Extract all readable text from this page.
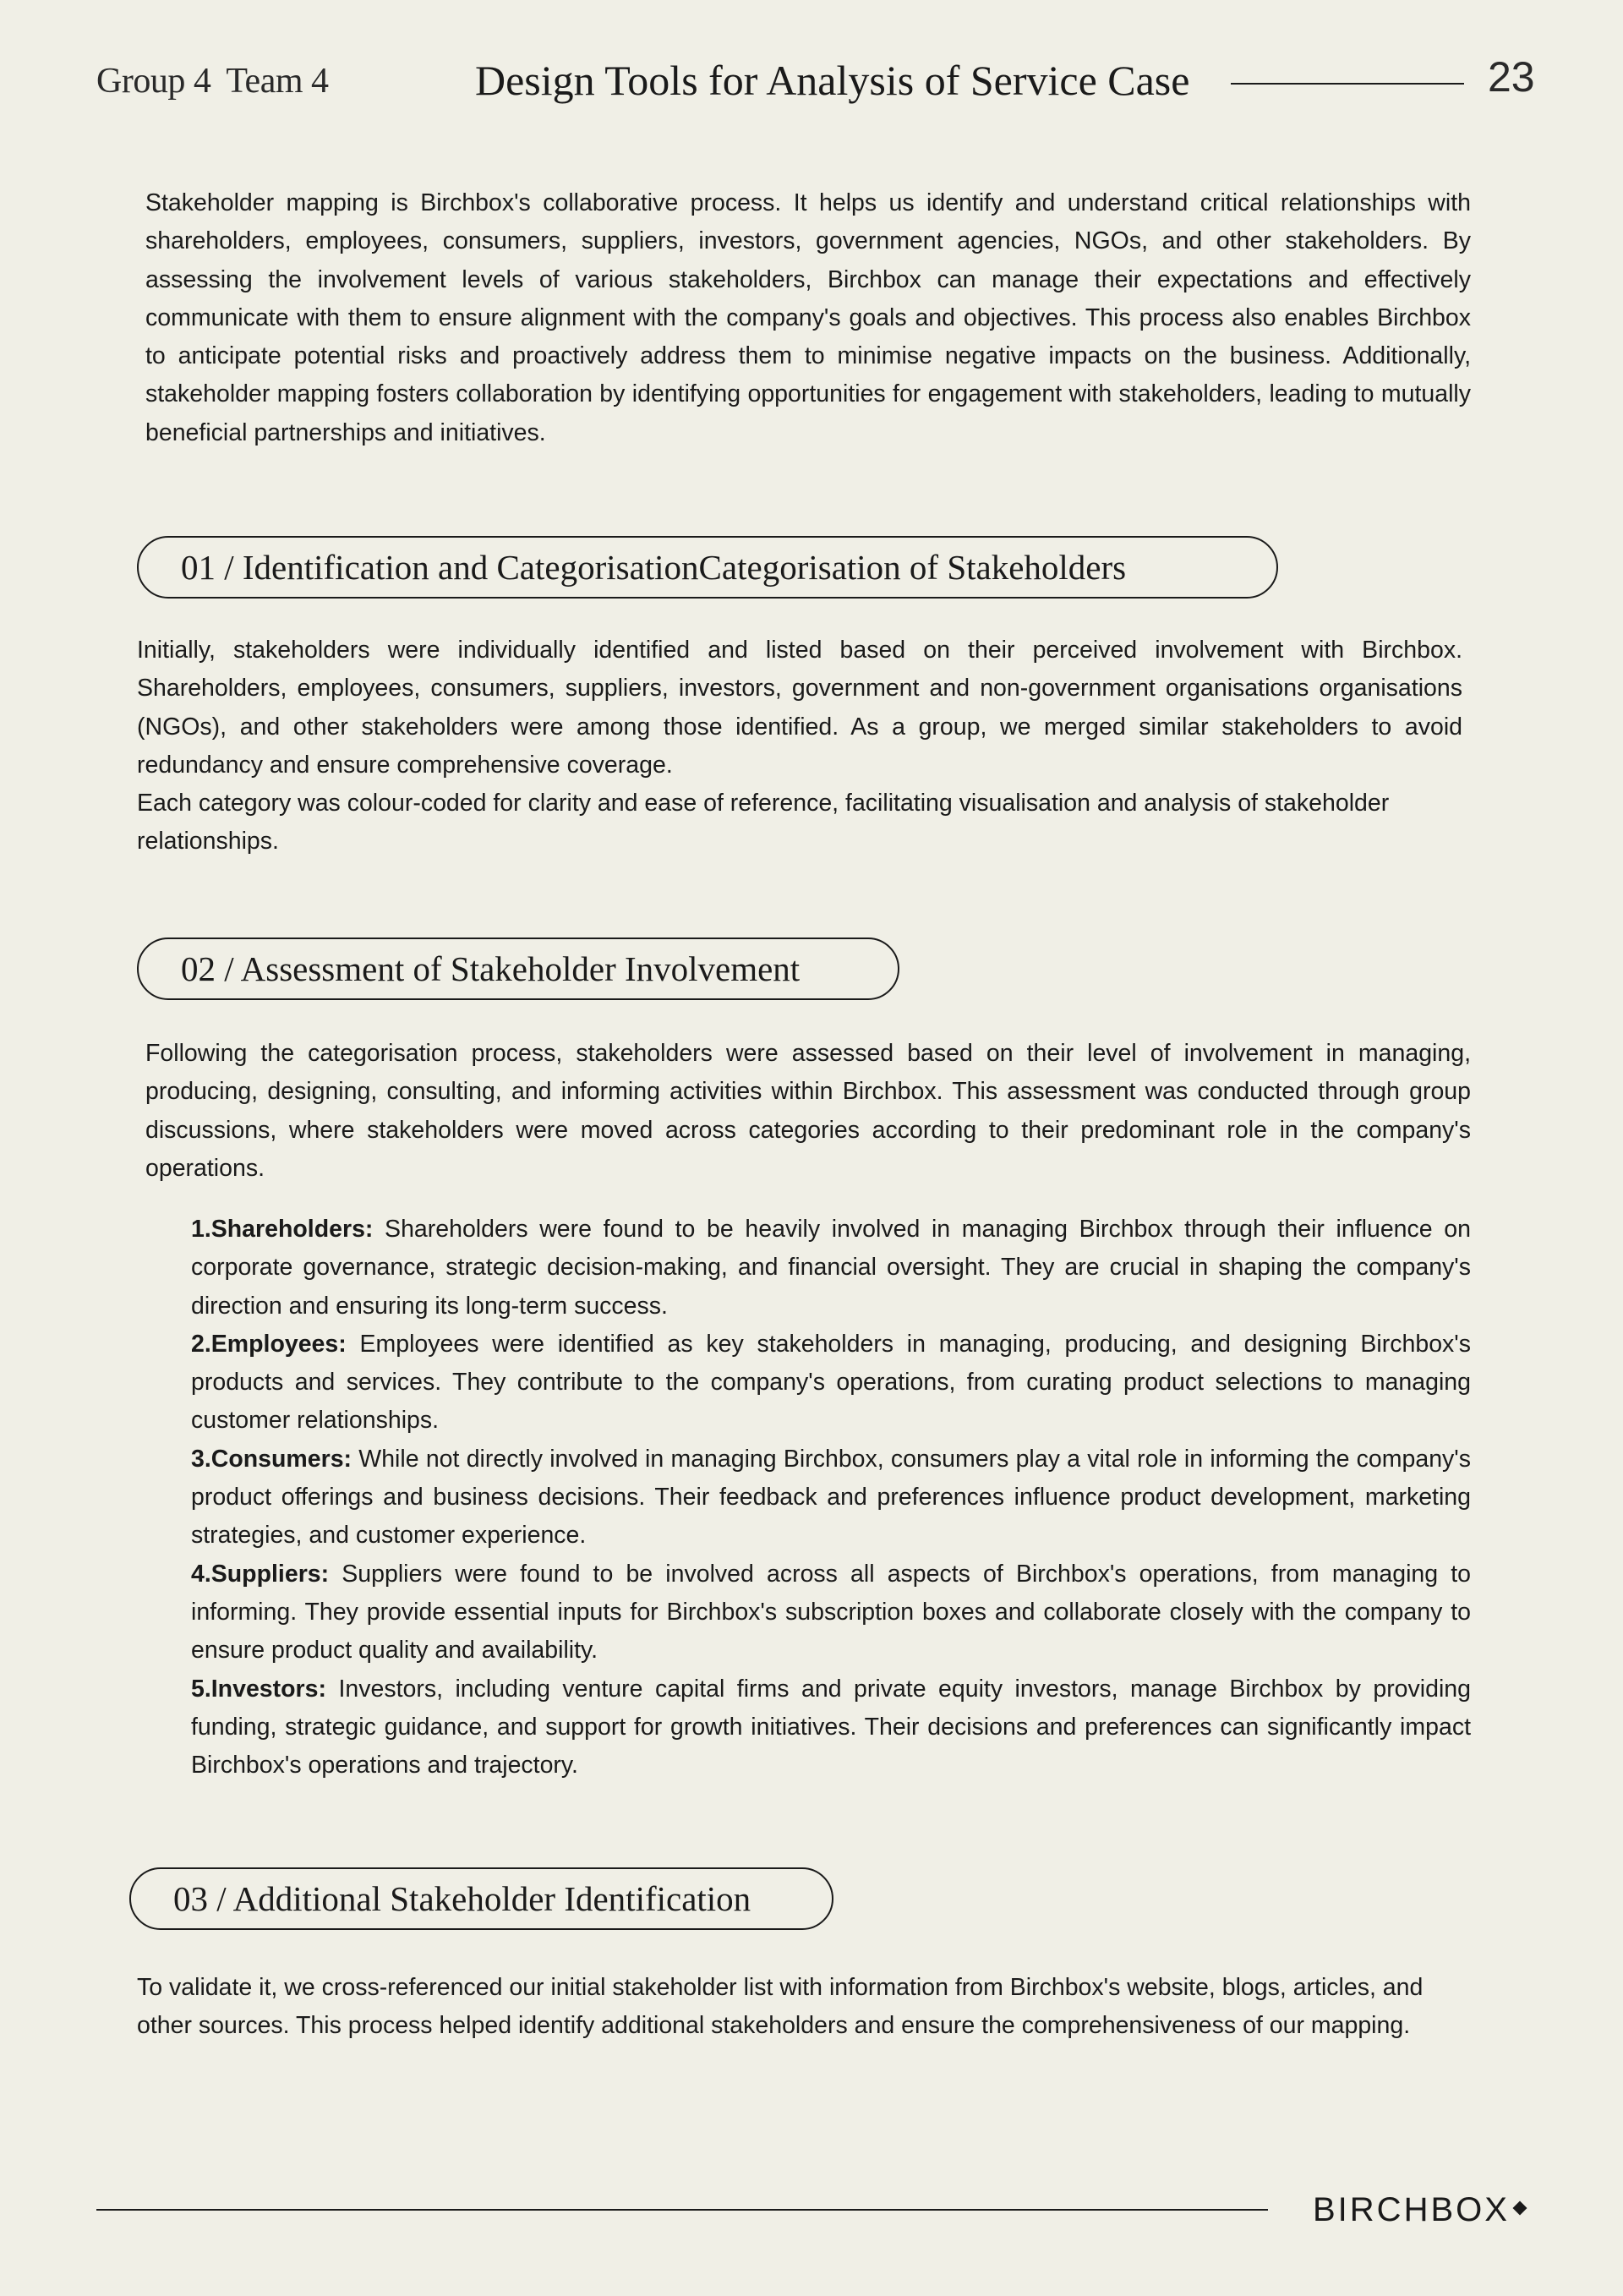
Group 4 Team 4	Design Tools for Analysis of Service Case	23

Stakeholder mapping is Birchbox's collaborative process. It helps us identify and understand critical relationships with shareholders, employees, consumers, suppliers, investors, government agencies, NGOs, and other stakeholders. By assessing the involvement levels of various stakeholders, Birchbox can manage their expectations and effectively communicate with them to ensure alignment with the company's goals and objectives. This process also enables Birchbox to anticipate potential risks and proactively address them to minimise negative impacts on the business. Additionally, stakeholder mapping fosters collaboration by identifying opportunities for engagement with stakeholders, leading to mutually beneficial partnerships and initiatives.

01 / Identification and CategorisationCategorisation of Stakeholders

Initially, stakeholders were individually identified and listed based on their perceived involvement with Birchbox. Shareholders, employees, consumers, suppliers, investors, government and non-government organisations organisations (NGOs), and other stakeholders were among those identified. As a group, we merged similar stakeholders to avoid redundancy and ensure comprehensive coverage.

Each category was colour-coded for clarity and ease of reference, facilitating visualisation and analysis of stakeholder relationships.

02 / Assessment of Stakeholder Involvement

Following the categorisation process, stakeholders were assessed based on their level of involvement in managing, producing, designing, consulting, and informing activities within Birchbox. This assessment was conducted through group discussions, where stakeholders were moved across categories according to their predominant role in the company's operations.

1.Shareholders: Shareholders were found to be heavily involved in managing Birchbox through their influence on corporate governance, strategic decision-making, and financial oversight. They are crucial in shaping the company's direction and ensuring its long-term success.

2.Employees: Employees were identified as key stakeholders in managing, producing, and designing Birchbox's products and services. They contribute to the company's operations, from curating product selections to managing customer relationships.

3.Consumers: While not directly involved in managing Birchbox, consumers play a vital role in informing the company's product offerings and business decisions. Their feedback and preferences influence product development, marketing strategies, and customer experience.

4.Suppliers: Suppliers were found to be involved across all aspects of Birchbox's operations, from managing to informing. They provide essential inputs for Birchbox's subscription boxes and collaborate closely with the company to ensure product quality and availability.

5.Investors: Investors, including venture capital firms and private equity investors, manage Birchbox by providing funding, strategic guidance, and support for growth initiatives. Their decisions and preferences can significantly impact Birchbox's operations and trajectory.

03 / Additional Stakeholder Identification

To validate it, we cross-referenced our initial stakeholder list with information from Birchbox's website, blogs, articles, and other sources. This process helped identify additional stakeholders and ensure the comprehensiveness of our mapping.

BIRCHBOX
